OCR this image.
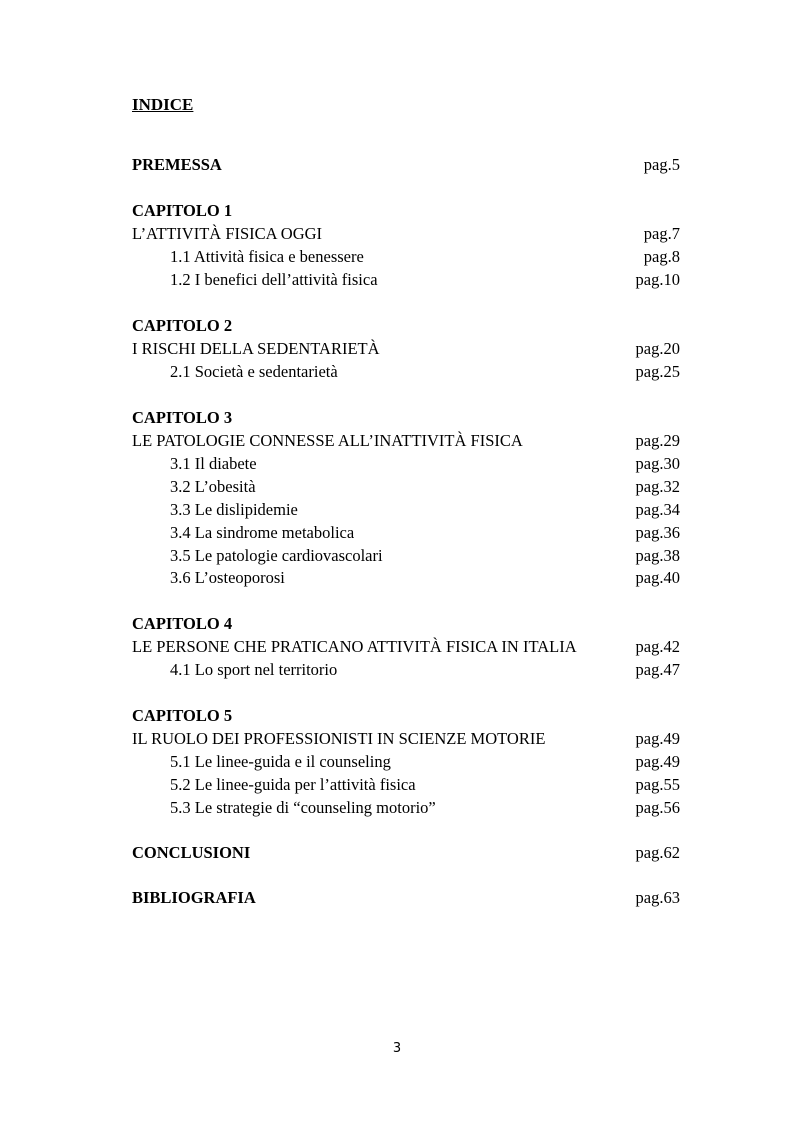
INDICE
PREMESSA	pag.5
CAPITOLO 1
L’ATTIVITÀ FISICA OGGI	pag.7
1.1 Attività fisica e benessere	pag.8
1.2 I benefici dell’attività fisica	pag.10
CAPITOLO 2
I RISCHI DELLA SEDENTARIETÀ	pag.20
2.1 Società e sedentarietà	pag.25
CAPITOLO 3
LE PATOLOGIE CONNESSE ALL’INATTIVITÀ FISICA	pag.29
3.1 Il diabete	pag.30
3.2 L’obesità	pag.32
3.3 Le dislipidemie	pag.34
3.4 La sindrome metabolica	pag.36
3.5 Le patologie cardiovascolari	pag.38
3.6 L’osteoporosi	pag.40
CAPITOLO 4
LE PERSONE CHE PRATICANO ATTIVITÀ FISICA IN ITALIA	pag.42
4.1 Lo sport nel territorio	pag.47
CAPITOLO 5
IL RUOLO DEI PROFESSIONISTI IN SCIENZE MOTORIE	pag.49
5.1 Le linee-guida e il counseling	pag.49
5.2 Le linee-guida per l’attività fisica	pag.55
5.3 Le strategie di “counseling motorio”	pag.56
CONCLUSIONI	pag.62
BIBLIOGRAFIA	pag.63
3
